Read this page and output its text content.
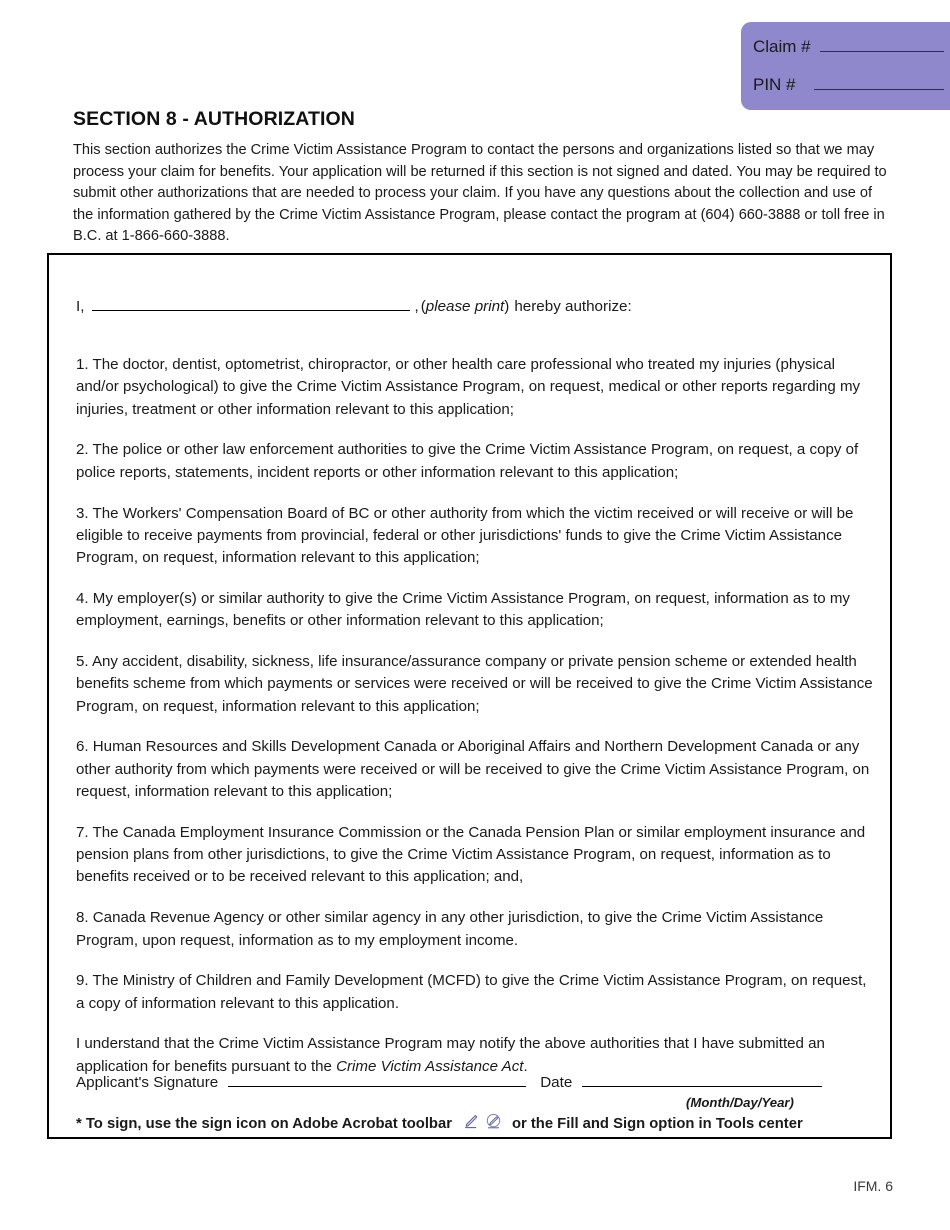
Claim #
PIN #
SECTION 8 - AUTHORIZATION
This section authorizes the Crime Victim Assistance Program to contact the persons and organizations listed so that we may process your claim for benefits. Your application will be returned if this section is not signed and dated. You may be required to submit other authorizations that are needed to process your claim. If you have any questions about the collection and use of the information gathered by the Crime Victim Assistance Program, please contact the program at (604) 660-3888 or toll free in B.C. at 1-866-660-3888.
I,	, ( please print ) hereby authorize:

1. The doctor, dentist, optometrist, chiropractor, or other health care professional who treated my injuries (physical and/or psychological) to give the Crime Victim Assistance Program, on request, medical or other reports regarding my injuries, treatment or other information relevant to this application;

2. The police or other law enforcement authorities to give the Crime Victim Assistance Program, on request, a copy of police reports, statements, incident reports or other information relevant to this application;

3. The Workers' Compensation Board of BC or other authority from which the victim received or will receive or will be eligible to receive payments from provincial, federal or other jurisdictions' funds to give the Crime Victim Assistance Program, on request, information relevant to this application;

4. My employer(s) or similar authority to give the Crime Victim Assistance Program, on request, information as to my employment, earnings, benefits or other information relevant to this application;

5. Any accident, disability, sickness, life insurance/assurance company or private pension scheme or extended health benefits scheme from which payments or services were received or will be received to give the Crime Victim Assistance Program, on request, information relevant to this application;

6. Human Resources and Skills Development Canada or Aboriginal Affairs and Northern Development Canada or any other authority from which payments were received or will be received to give the Crime Victim Assistance Program, on request, information relevant to this application;

7. The Canada Employment Insurance Commission or the Canada Pension Plan or similar employment insurance and pension plans from other jurisdictions, to give the Crime Victim Assistance Program, on request, information as to benefits received or to be received relevant to this application; and,

8. Canada Revenue Agency or other similar agency in any other jurisdiction, to give the Crime Victim Assistance Program, upon request, information as to my employment income.

9. The Ministry of Children and Family Development (MCFD) to give the Crime Victim Assistance Program, on request, a copy of information relevant to this application.

I understand that the Crime Victim Assistance Program may notify the above authorities that I have submitted an application for benefits pursuant to the Crime Victim Assistance Act.

Applicant's Signature	Date
(Month/Day/Year)
* To sign, use the sign icon on Adobe Acrobat toolbar	or the Fill and Sign option in Tools center
IFM. 6
